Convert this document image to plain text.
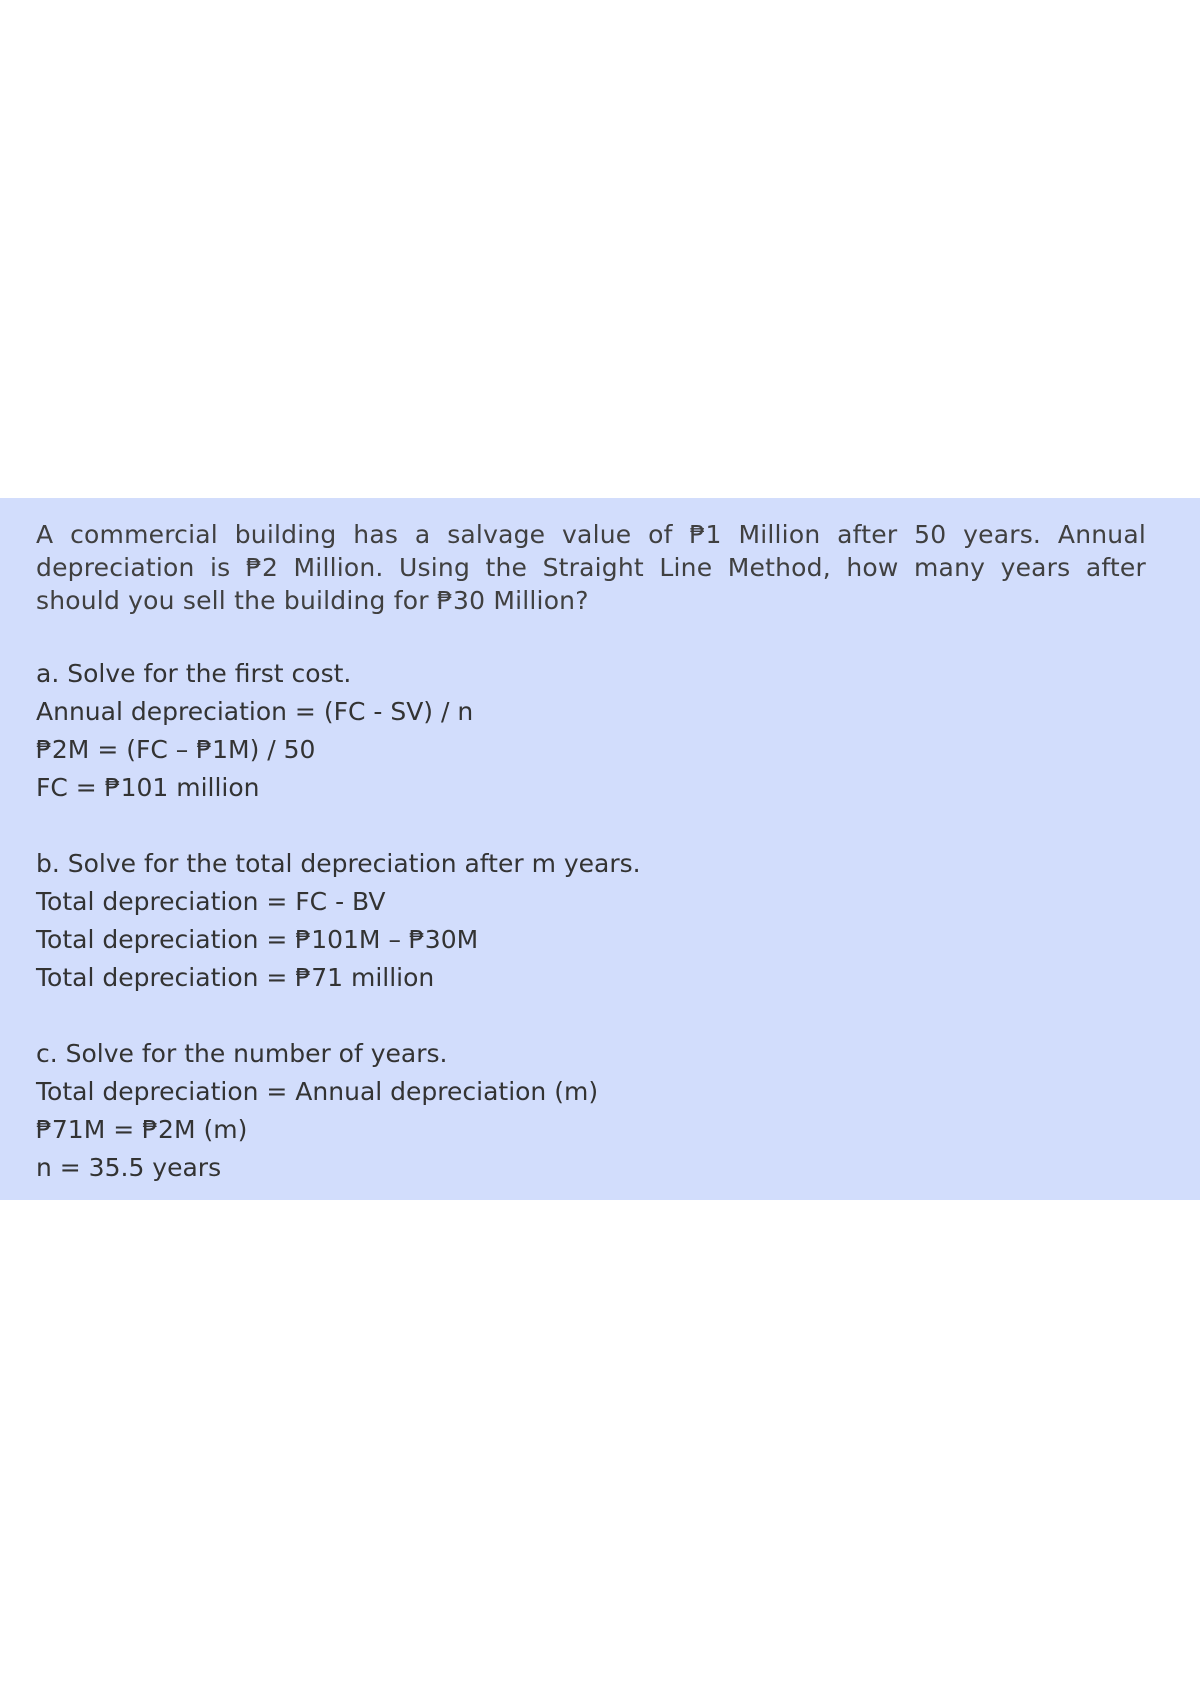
A commercial building has a salvage value of ₱1 Million after 50 years. Annual depreciation is ₱2 Million. Using the Straight Line Method, how many years after should you sell the building for ₱30 Million?

a. Solve for the first cost.

Annual depreciation = (FC - SV) / n

₱2M = (FC – ₱1M) / 50

FC = ₱101 million

b. Solve for the total depreciation after m years.

Total depreciation = FC - BV

Total depreciation = ₱101M – ₱30M

Total depreciation = ₱71 million

c. Solve for the number of years.

Total depreciation = Annual depreciation (m)

₱71M = ₱2M (m)

n = 35.5 years
